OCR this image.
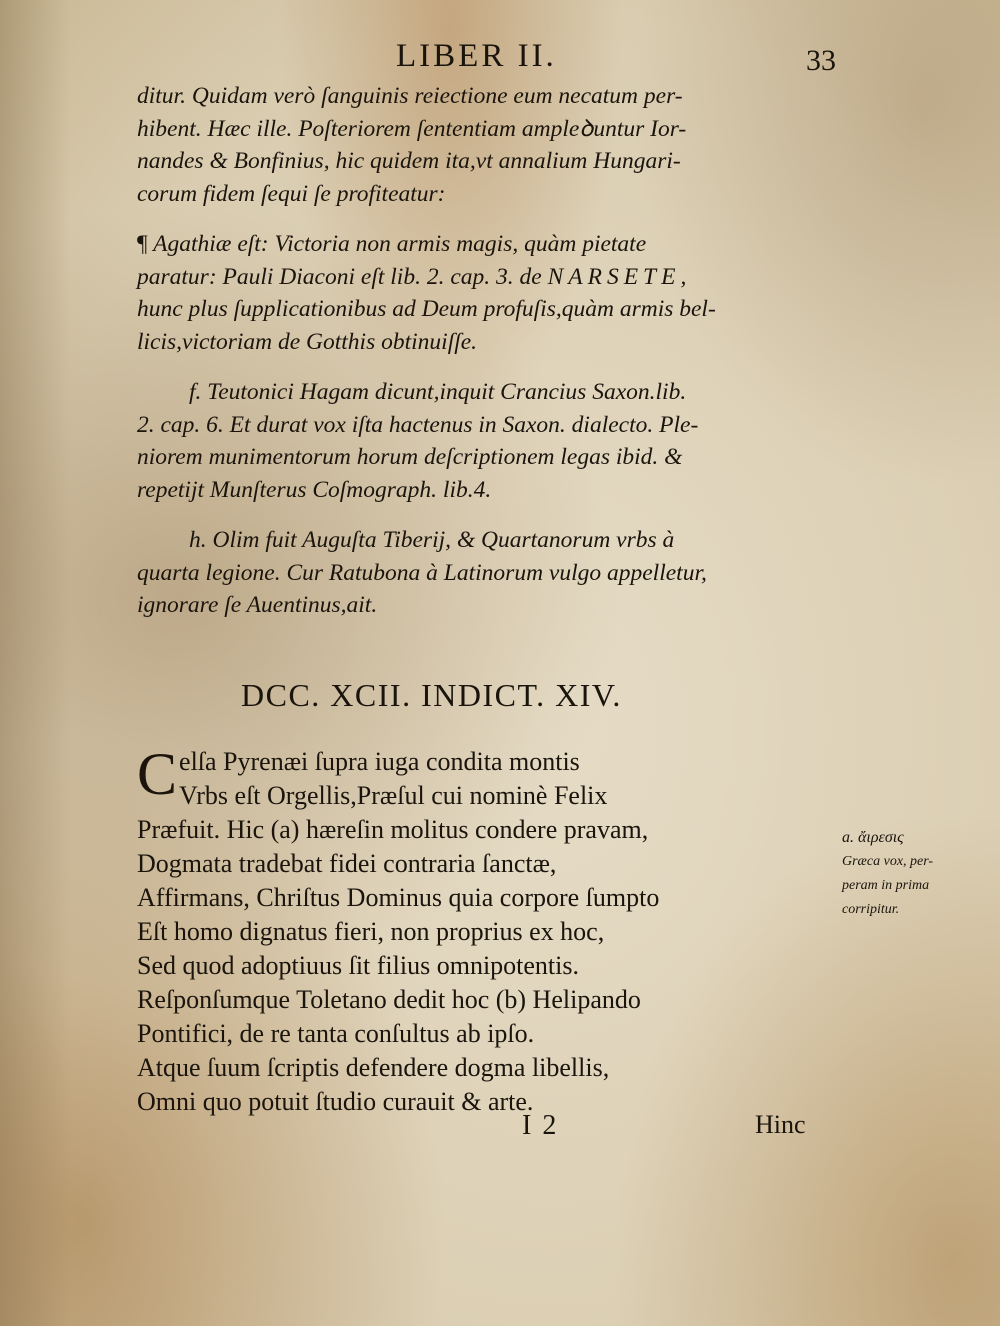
LIBER II.	33
ditur. Quidam verò ſanguinis reiectione eum necatum per-
hibent. Hæc ille. Poſteriorem ſententiam ampleꝺuntur Ior-
nandes & Bonfinius, hic quidem ita,vt annalium Hungari-
corum fidem ſequi ſe profiteatur:
¶ Agathiæ eſt: Victoria non armis magis, quàm pietate
paratur: Pauli Diaconi eſt lib. 2. cap. 3. de NARSETE,
hunc plus ſupplicationibus ad Deum profuſis,quàm armis bel-
licis,victoriam de Gotthis obtinuiſſe.
f. Teutonici Hagam dicunt,inquit Crancius Saxon.lib.
2. cap. 6. Et durat vox iſta hactenus in Saxon. dialecto. Ple-
niorem munimentorum horum deſcriptionem legas ibid. &
repetijt Munſterus Coſmograph. lib.4.
h. Olim fuit Auguſta Tiberij, & Quartanorum vrbs à
quarta legione. Cur Ratubona à Latinorum vulgo appelletur,
ignorare ſe Auentinus,ait.
DCC. XCII. INDICT. XIV.
C elſa Pyrenæi ſupra iuga condita montis
Vrbs eſt Orgellis,Præſul cui nominè Felix
Præfuit. Hic (a) hæreſin molitus condere pravam,
Dogmata tradebat fidei contraria ſanctæ,
Affirmans, Chriſtus Dominus quia corpore ſumpto
Eſt homo dignatus fieri, non proprius ex hoc,
Sed quod adoptiuus ſit filius omnipotentis.
Reſponſumque Toletano dedit hoc (b) Helipando
Pontifici, de re tanta conſultus ab ipſo.
Atque ſuum ſcriptis defendere dogma libellis,
Omni quo potuit ſtudio curauit & arte.
a. ἄιρεσις
Græca vox, per-
peram in prima
corripitur.
I 2	Hinc
